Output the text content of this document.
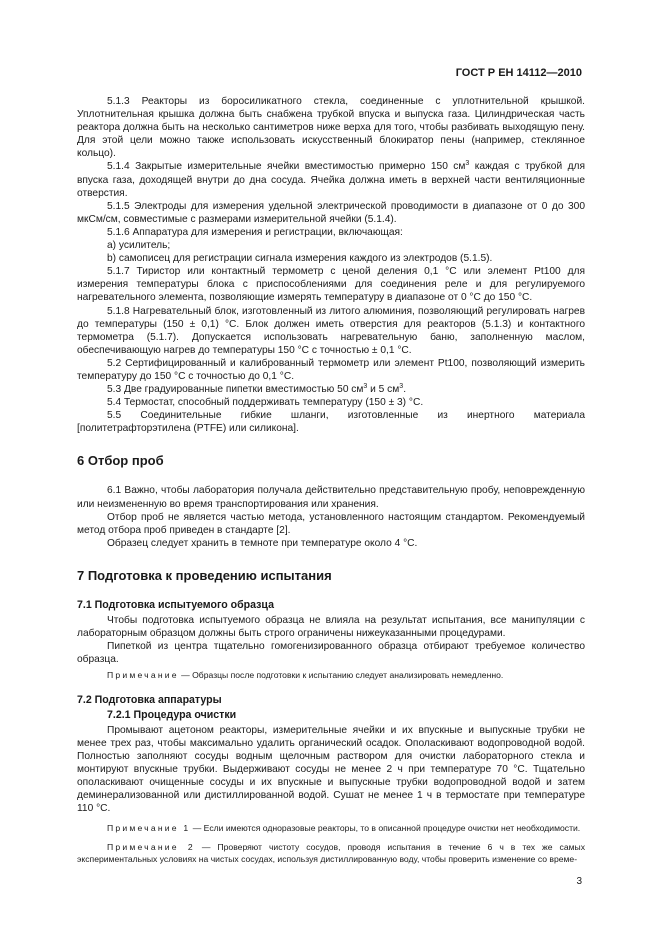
ГОСТ Р ЕН 14112—2010

5.1.3 Реакторы из боросиликатного стекла, соединенные с уплотнительной крышкой. Уплотнительная крышка должна быть снабжена трубкой впуска и выпуска газа. Цилиндрическая часть реактора должна быть на несколько сантиметров ниже верха для того, чтобы разбивать выходящую пену. Для этой цели можно также использовать искусственный блокиратор пены (например, стеклянное кольцо).

5.1.4 Закрытые измерительные ячейки вместимостью примерно 150 $см^3$ каждая с трубкой для впуска газа, доходящей внутри до дна сосуда. Ячейка должна иметь в верхней части вентиляционные отверстия.

5.1.5 Электроды для измерения удельной электрической проводимости в диапазоне от 0 до 300 мкСм/см, совместимые с размерами измерительной ячейки (5.1.4).

5.1.6 Аппаратура для измерения и регистрации, включающая:

a) усилитель;

b) самописец для регистрации сигнала измерения каждого из электродов (5.1.5).

5.1.7 Тиристор или контактный термометр с ценой деления 0,1 °C или элемент Pt100 для измерения температуры блока с приспособлениями для соединения реле и для регулируемого нагревательного элемента, позволяющие измерять температуру в диапазоне от 0 °C до 150 °C.

5.1.8 Нагревательный блок, изготовленный из литого алюминия, позволяющий регулировать нагрев до температуры (150 ± 0,1) °C. Блок должен иметь отверстия для реакторов (5.1.3) и контактного термометра (5.1.7). Допускается использовать нагревательную баню, заполненную маслом, обеспечивающую нагрев до температуры 150 °C с точностью ± 0,1 °C.

5.2 Сертифицированный и калиброванный термометр или элемент Pt100, позволяющий измерить температуру до 150 °C с точностью до 0,1 °C.

5.3 Две градуированные пипетки вместимостью 50 $см^3$ и 5 $см^3$.

5.4 Термостат, способный поддерживать температуру (150 ± 3) °C.

5.5 Соединительные гибкие шланги, изготовленные из инертного материала [политетрафторэтилена (PTFE) или силикона].

6 Отбор проб

6.1 Важно, чтобы лаборатория получала действительно представительную пробу, неповрежденную или неизмененную во время транспортирования или хранения.

Отбор проб не является частью метода, установленного настоящим стандартом. Рекомендуемый метод отбора проб приведен в стандарте [2].

Образец следует хранить в темноте при температуре около 4 °C.

7 Подготовка к проведению испытания
7.1 Подготовка испытуемого образца

Чтобы подготовка испытуемого образца не влияла на результат испытания, все манипуляции с лабораторным образцом должны быть строго ограничены нижеуказанными процедурами.

Пипеткой из центра тщательно гомогенизированного образца отбирают требуемое количество образца.

Примечание — Образцы после подготовки к испытанию следует анализировать немедленно.

7.2 Подготовка аппаратуры
7.2.1 Процедура очистки

Промывают ацетоном реакторы, измерительные ячейки и их впускные и выпускные трубки не менее трех раз, чтобы максимально удалить органический осадок. Ополаскивают водопроводной водой. Полностью заполняют сосуды водным щелочным раствором для очистки лабораторного стекла и монтируют впускные трубки. Выдерживают сосуды не менее 2 ч при температуре 70 °C. Тщательно ополаскивают очищенные сосуды и их впускные и выпускные трубки водопроводной водой и затем деминерализованной или дистиллированной водой. Сушат не менее 1 ч в термостате при температуре 110 °C.

Примечание 1 — Если имеются одноразовые реакторы, то в описанной процедуре очистки нет необходимости.

Примечание 2 — Проверяют чистоту сосудов, проводя испытания в течение 6 ч в тех же самых экспериментальных условиях на чистых сосудах, используя дистиллированную воду, чтобы проверить изменение со време-

3
